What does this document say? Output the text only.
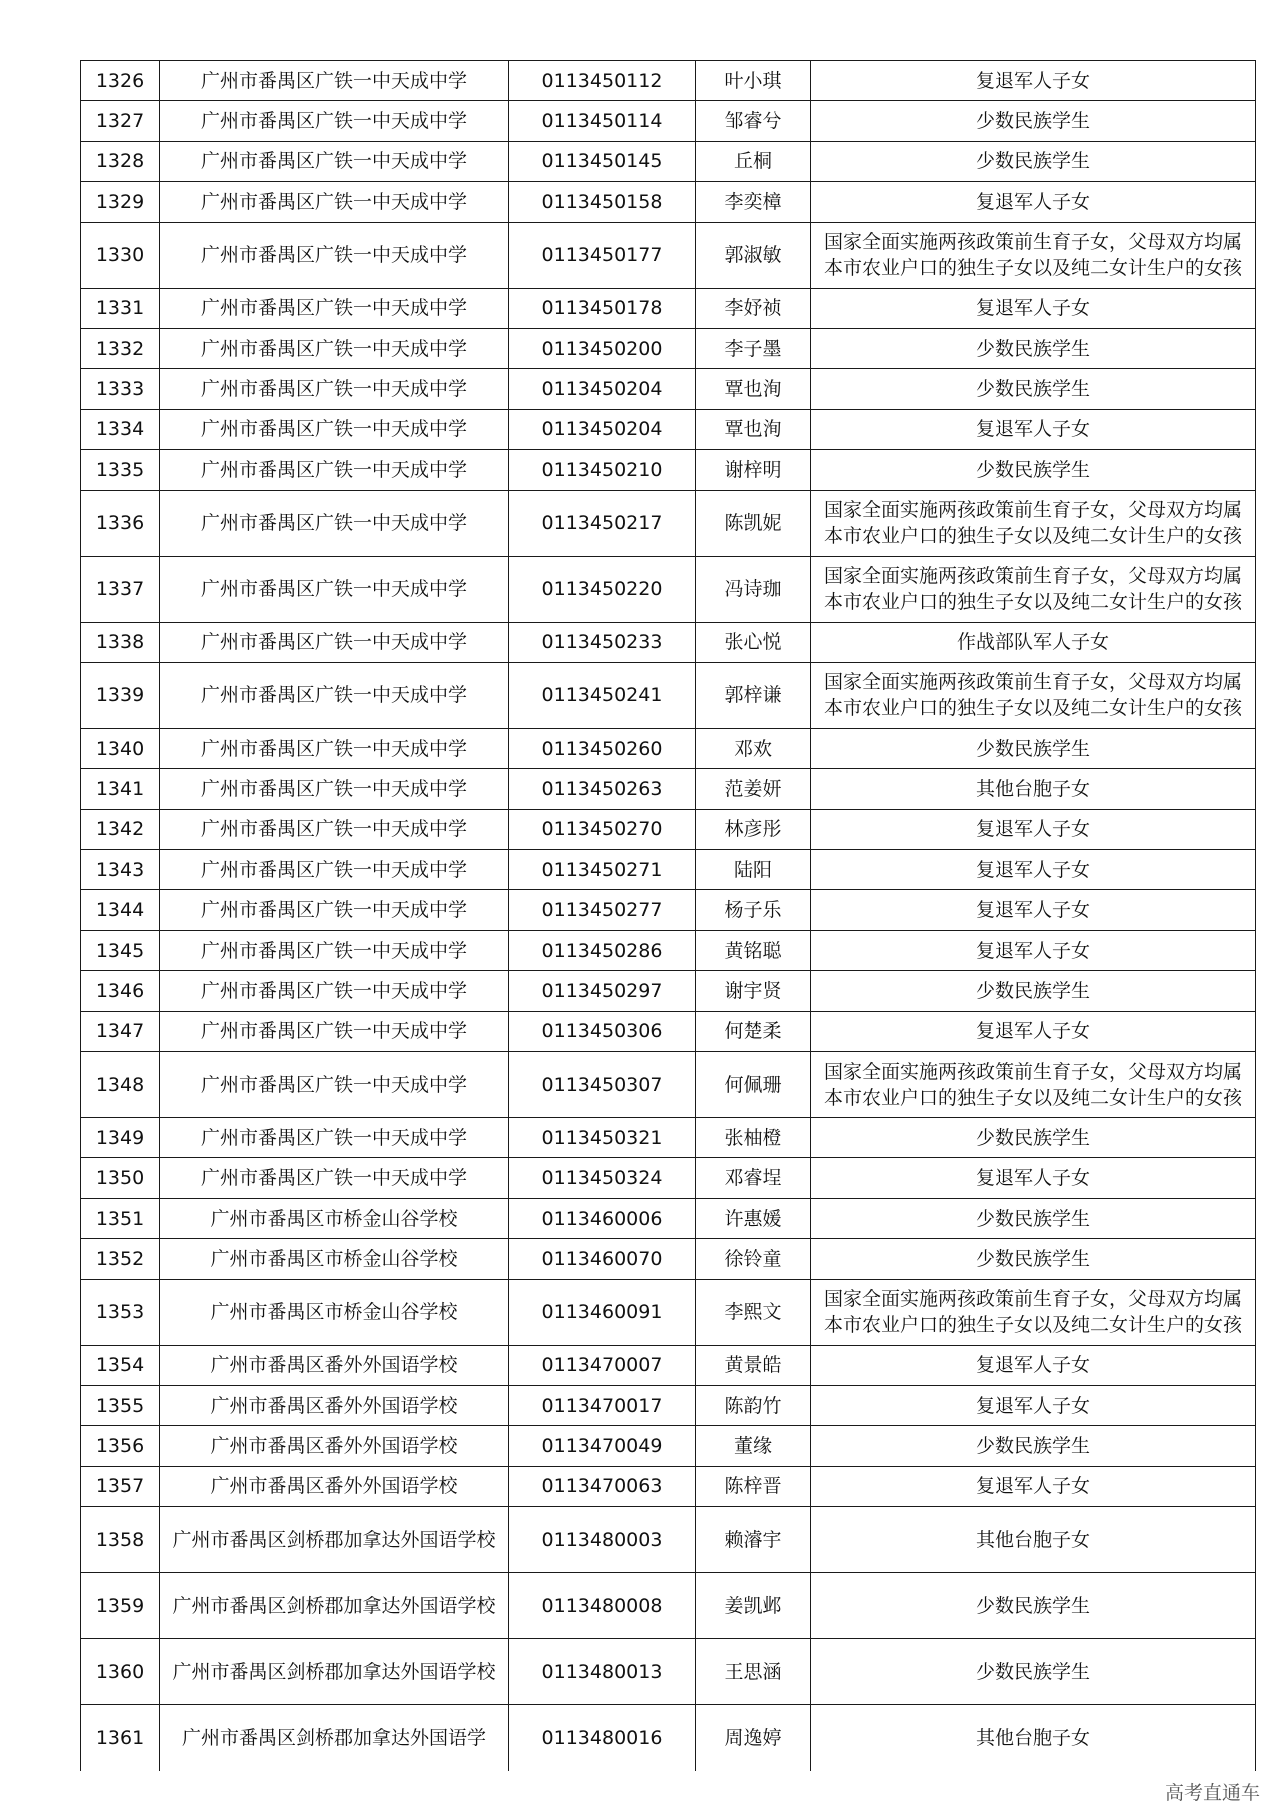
1326	广州市番禺区广铁一中天成中学	0113450112	叶小琪	复退军人子女
1327	广州市番禺区广铁一中天成中学	0113450114	邹睿兮	少数民族学生
1328	广州市番禺区广铁一中天成中学	0113450145	丘桐	少数民族学生
1329	广州市番禺区广铁一中天成中学	0113450158	李奕樟	复退军人子女
1330	广州市番禺区广铁一中天成中学	0113450177	郭淑敏	国家全面实施两孩政策前生育子女，父母双方均属本市农业户口的独生子女以及纯二女计生户的女孩
1331	广州市番禺区广铁一中天成中学	0113450178	李妤祯	复退军人子女
1332	广州市番禺区广铁一中天成中学	0113450200	李子墨	少数民族学生
1333	广州市番禺区广铁一中天成中学	0113450204	覃也洵	少数民族学生
1334	广州市番禺区广铁一中天成中学	0113450204	覃也洵	复退军人子女
1335	广州市番禺区广铁一中天成中学	0113450210	谢梓明	少数民族学生
1336	广州市番禺区广铁一中天成中学	0113450217	陈凯妮	国家全面实施两孩政策前生育子女，父母双方均属本市农业户口的独生子女以及纯二女计生户的女孩
1337	广州市番禺区广铁一中天成中学	0113450220	冯诗珈	国家全面实施两孩政策前生育子女，父母双方均属本市农业户口的独生子女以及纯二女计生户的女孩
1338	广州市番禺区广铁一中天成中学	0113450233	张心悦	作战部队军人子女
1339	广州市番禺区广铁一中天成中学	0113450241	郭梓谦	国家全面实施两孩政策前生育子女，父母双方均属本市农业户口的独生子女以及纯二女计生户的女孩
1340	广州市番禺区广铁一中天成中学	0113450260	邓欢	少数民族学生
1341	广州市番禺区广铁一中天成中学	0113450263	范姜妍	其他台胞子女
1342	广州市番禺区广铁一中天成中学	0113450270	林彦彤	复退军人子女
1343	广州市番禺区广铁一中天成中学	0113450271	陆阳	复退军人子女
1344	广州市番禺区广铁一中天成中学	0113450277	杨子乐	复退军人子女
1345	广州市番禺区广铁一中天成中学	0113450286	黄铭聪	复退军人子女
1346	广州市番禺区广铁一中天成中学	0113450297	谢宇贤	少数民族学生
1347	广州市番禺区广铁一中天成中学	0113450306	何楚柔	复退军人子女
1348	广州市番禺区广铁一中天成中学	0113450307	何佩珊	国家全面实施两孩政策前生育子女，父母双方均属本市农业户口的独生子女以及纯二女计生户的女孩
1349	广州市番禺区广铁一中天成中学	0113450321	张柚橙	少数民族学生
1350	广州市番禺区广铁一中天成中学	0113450324	邓睿埕	复退军人子女
1351	广州市番禺区市桥金山谷学校	0113460006	许惠媛	少数民族学生
1352	广州市番禺区市桥金山谷学校	0113460070	徐铃童	少数民族学生
1353	广州市番禺区市桥金山谷学校	0113460091	李熙文	国家全面实施两孩政策前生育子女，父母双方均属本市农业户口的独生子女以及纯二女计生户的女孩
1354	广州市番禺区番外外国语学校	0113470007	黄景皓	复退军人子女
1355	广州市番禺区番外外国语学校	0113470017	陈韵竹	复退军人子女
1356	广州市番禺区番外外国语学校	0113470049	董缘	少数民族学生
1357	广州市番禺区番外外国语学校	0113470063	陈梓晋	复退军人子女
1358	广州市番禺区剑桥郡加拿达外国语学校	0113480003	赖濬宇	其他台胞子女
1359	广州市番禺区剑桥郡加拿达外国语学校	0113480008	姜凯邺	少数民族学生
1360	广州市番禺区剑桥郡加拿达外国语学校	0113480013	王思涵	少数民族学生
1361	广州市番禺区剑桥郡加拿达外国语学	0113480016	周逸婷	其他台胞子女
高考直通车
